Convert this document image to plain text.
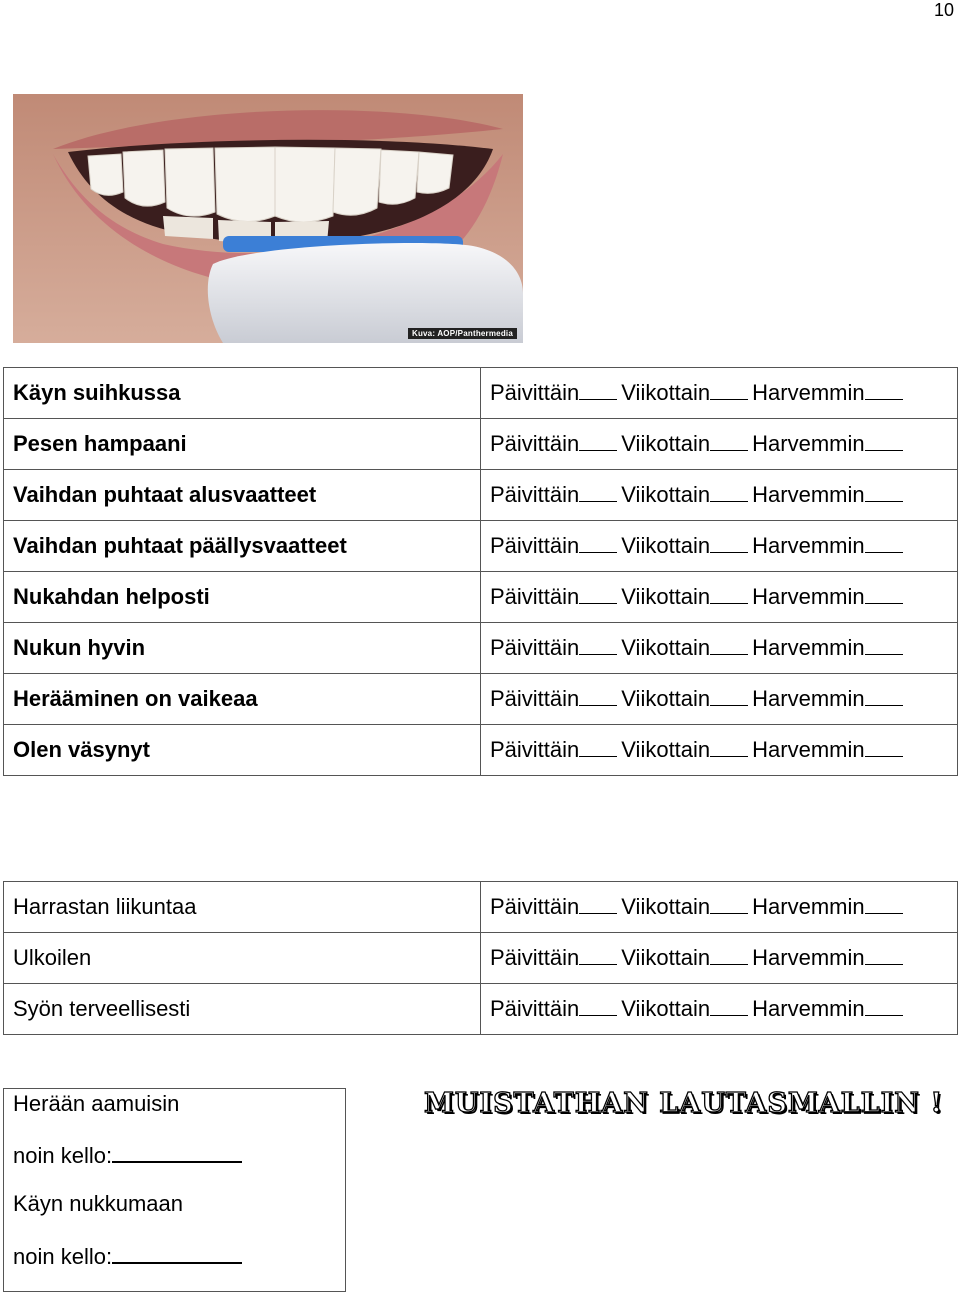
10
Kuva: AOP/Panthermedia
Käyn suihkussa	Päivittäin Viikottain Harvemmin
Pesen hampaani	Päivittäin Viikottain Harvemmin
Vaihdan puhtaat alusvaatteet	Päivittäin Viikottain Harvemmin
Vaihdan puhtaat päällysvaatteet	Päivittäin Viikottain Harvemmin
Nukahdan helposti	Päivittäin Viikottain Harvemmin
Nukun hyvin	Päivittäin Viikottain Harvemmin
Herääminen on vaikeaa	Päivittäin Viikottain Harvemmin
Olen väsynyt	Päivittäin Viikottain Harvemmin
Harrastan liikuntaa	Päivittäin Viikottain Harvemmin
Ulkoilen	Päivittäin Viikottain Harvemmin
Syön terveellisesti	Päivittäin Viikottain Harvemmin
Herään aamuisin
noin kello:
Käyn nukkumaan
noin kello:
MUISTATHAN LAUTASMALLIN !
